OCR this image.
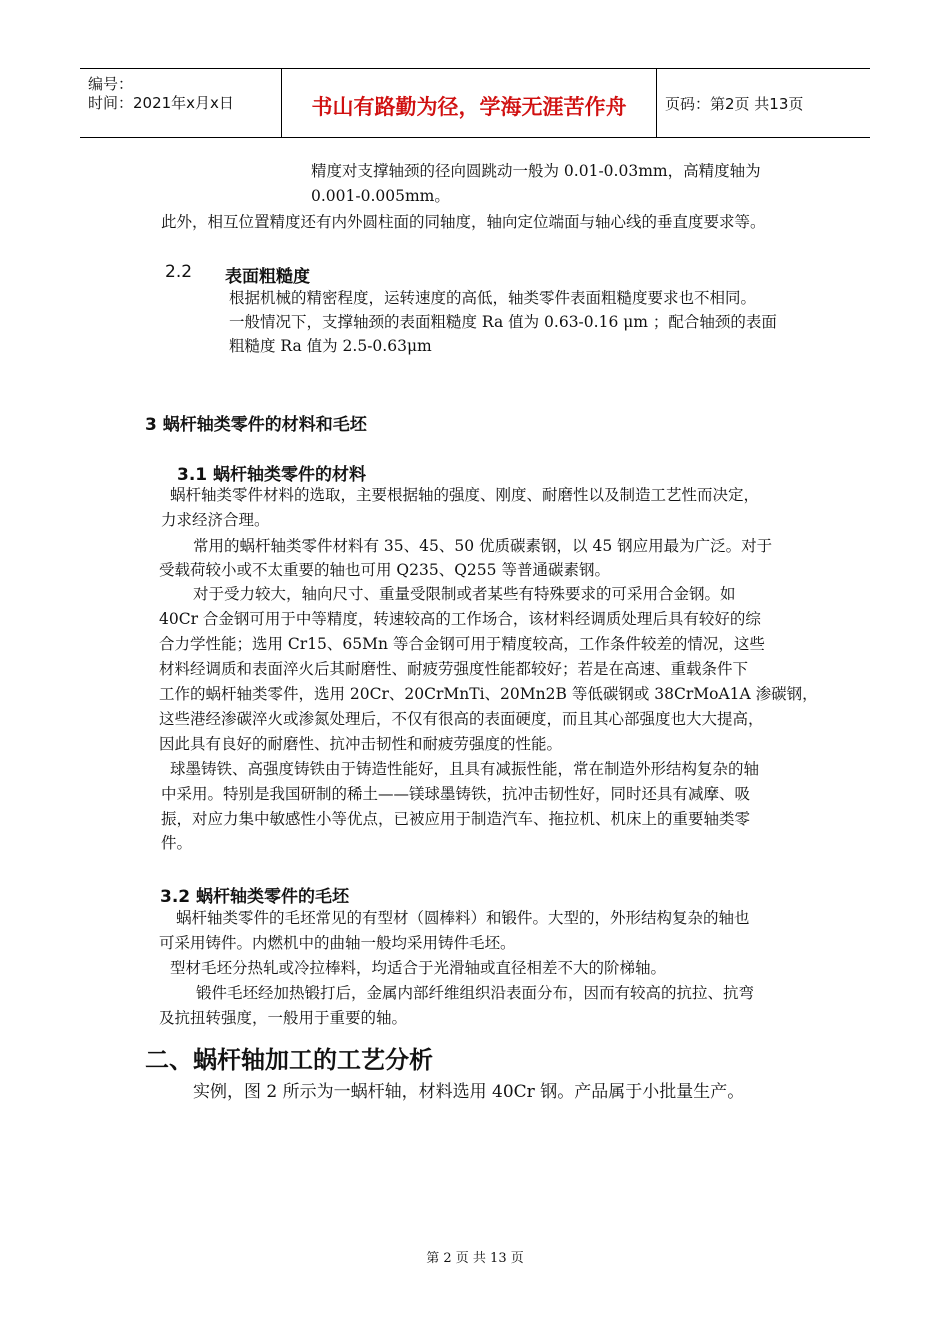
编号：
时间：2021年x月x日	书山有路勤为径，学海无涯苦作舟	页码：第2页 共13页
精度对支撑轴颈的径向圆跳动一般为 0.01-0.03mm，高精度轴为
0.001-0.005mm。
此外，相互位置精度还有内外圆柱面的同轴度，轴向定位端面与轴心线的垂直度要求等。
2.2 表面粗糙度
根据机械的精密程度，运转速度的高低，轴类零件表面粗糙度要求也不相同。
一般情况下，支撑轴颈的表面粗糙度 Ra 值为 0.63-0.16 μm ；配合轴颈的表面
粗糙度 Ra 值为 2.5-0.63μm
3 蜗杆轴类零件的材料和毛坯
3.1 蜗杆轴类零件的材料
蜗杆轴类零件材料的选取，主要根据轴的强度、刚度、耐磨性以及制造工艺性而决定，
力求经济合理。
常用的蜗杆轴类零件材料有 35、45、50 优质碳素钢，以 45 钢应用最为广泛。对于
受载荷较小或不太重要的轴也可用 Q235、Q255 等普通碳素钢。
对于受力较大，轴向尺寸、重量受限制或者某些有特殊要求的可采用合金钢。如
40Cr 合金钢可用于中等精度，转速较高的工作场合，该材料经调质处理后具有较好的综
合力学性能；选用 Cr15、65Mn 等合金钢可用于精度较高，工作条件较差的情况，这些
材料经调质和表面淬火后其耐磨性、耐疲劳强度性能都较好；若是在高速、重载条件下
工作的蜗杆轴类零件，选用 20Cr、20CrMnTi、20Mn2B 等低碳钢或 38CrMoA1A 渗碳钢，
这些港经渗碳淬火或渗氮处理后，不仅有很高的表面硬度，而且其心部强度也大大提高，
因此具有良好的耐磨性、抗冲击韧性和耐疲劳强度的性能。
球墨铸铁、高强度铸铁由于铸造性能好，且具有减振性能，常在制造外形结构复杂的轴
中采用。特别是我国研制的稀土——镁球墨铸铁，抗冲击韧性好，同时还具有减摩、吸
振，对应力集中敏感性小等优点，已被应用于制造汽车、拖拉机、机床上的重要轴类零
件。
3.2 蜗杆轴类零件的毛坯
蜗杆轴类零件的毛坯常见的有型材（圆棒料）和锻件。大型的，外形结构复杂的轴也
可采用铸件。内燃机中的曲轴一般均采用铸件毛坯。
型材毛坯分热轧或冷拉棒料，均适合于光滑轴或直径相差不大的阶梯轴。
锻件毛坯经加热锻打后，金属内部纤维组织沿表面分布，因而有较高的抗拉、抗弯
及抗扭转强度，一般用于重要的轴。
二、蜗杆轴加工的工艺分析
实例，图 2 所示为一蜗杆轴，材料选用 40Cr 钢。产品属于小批量生产。
第 2 页 共 13 页
